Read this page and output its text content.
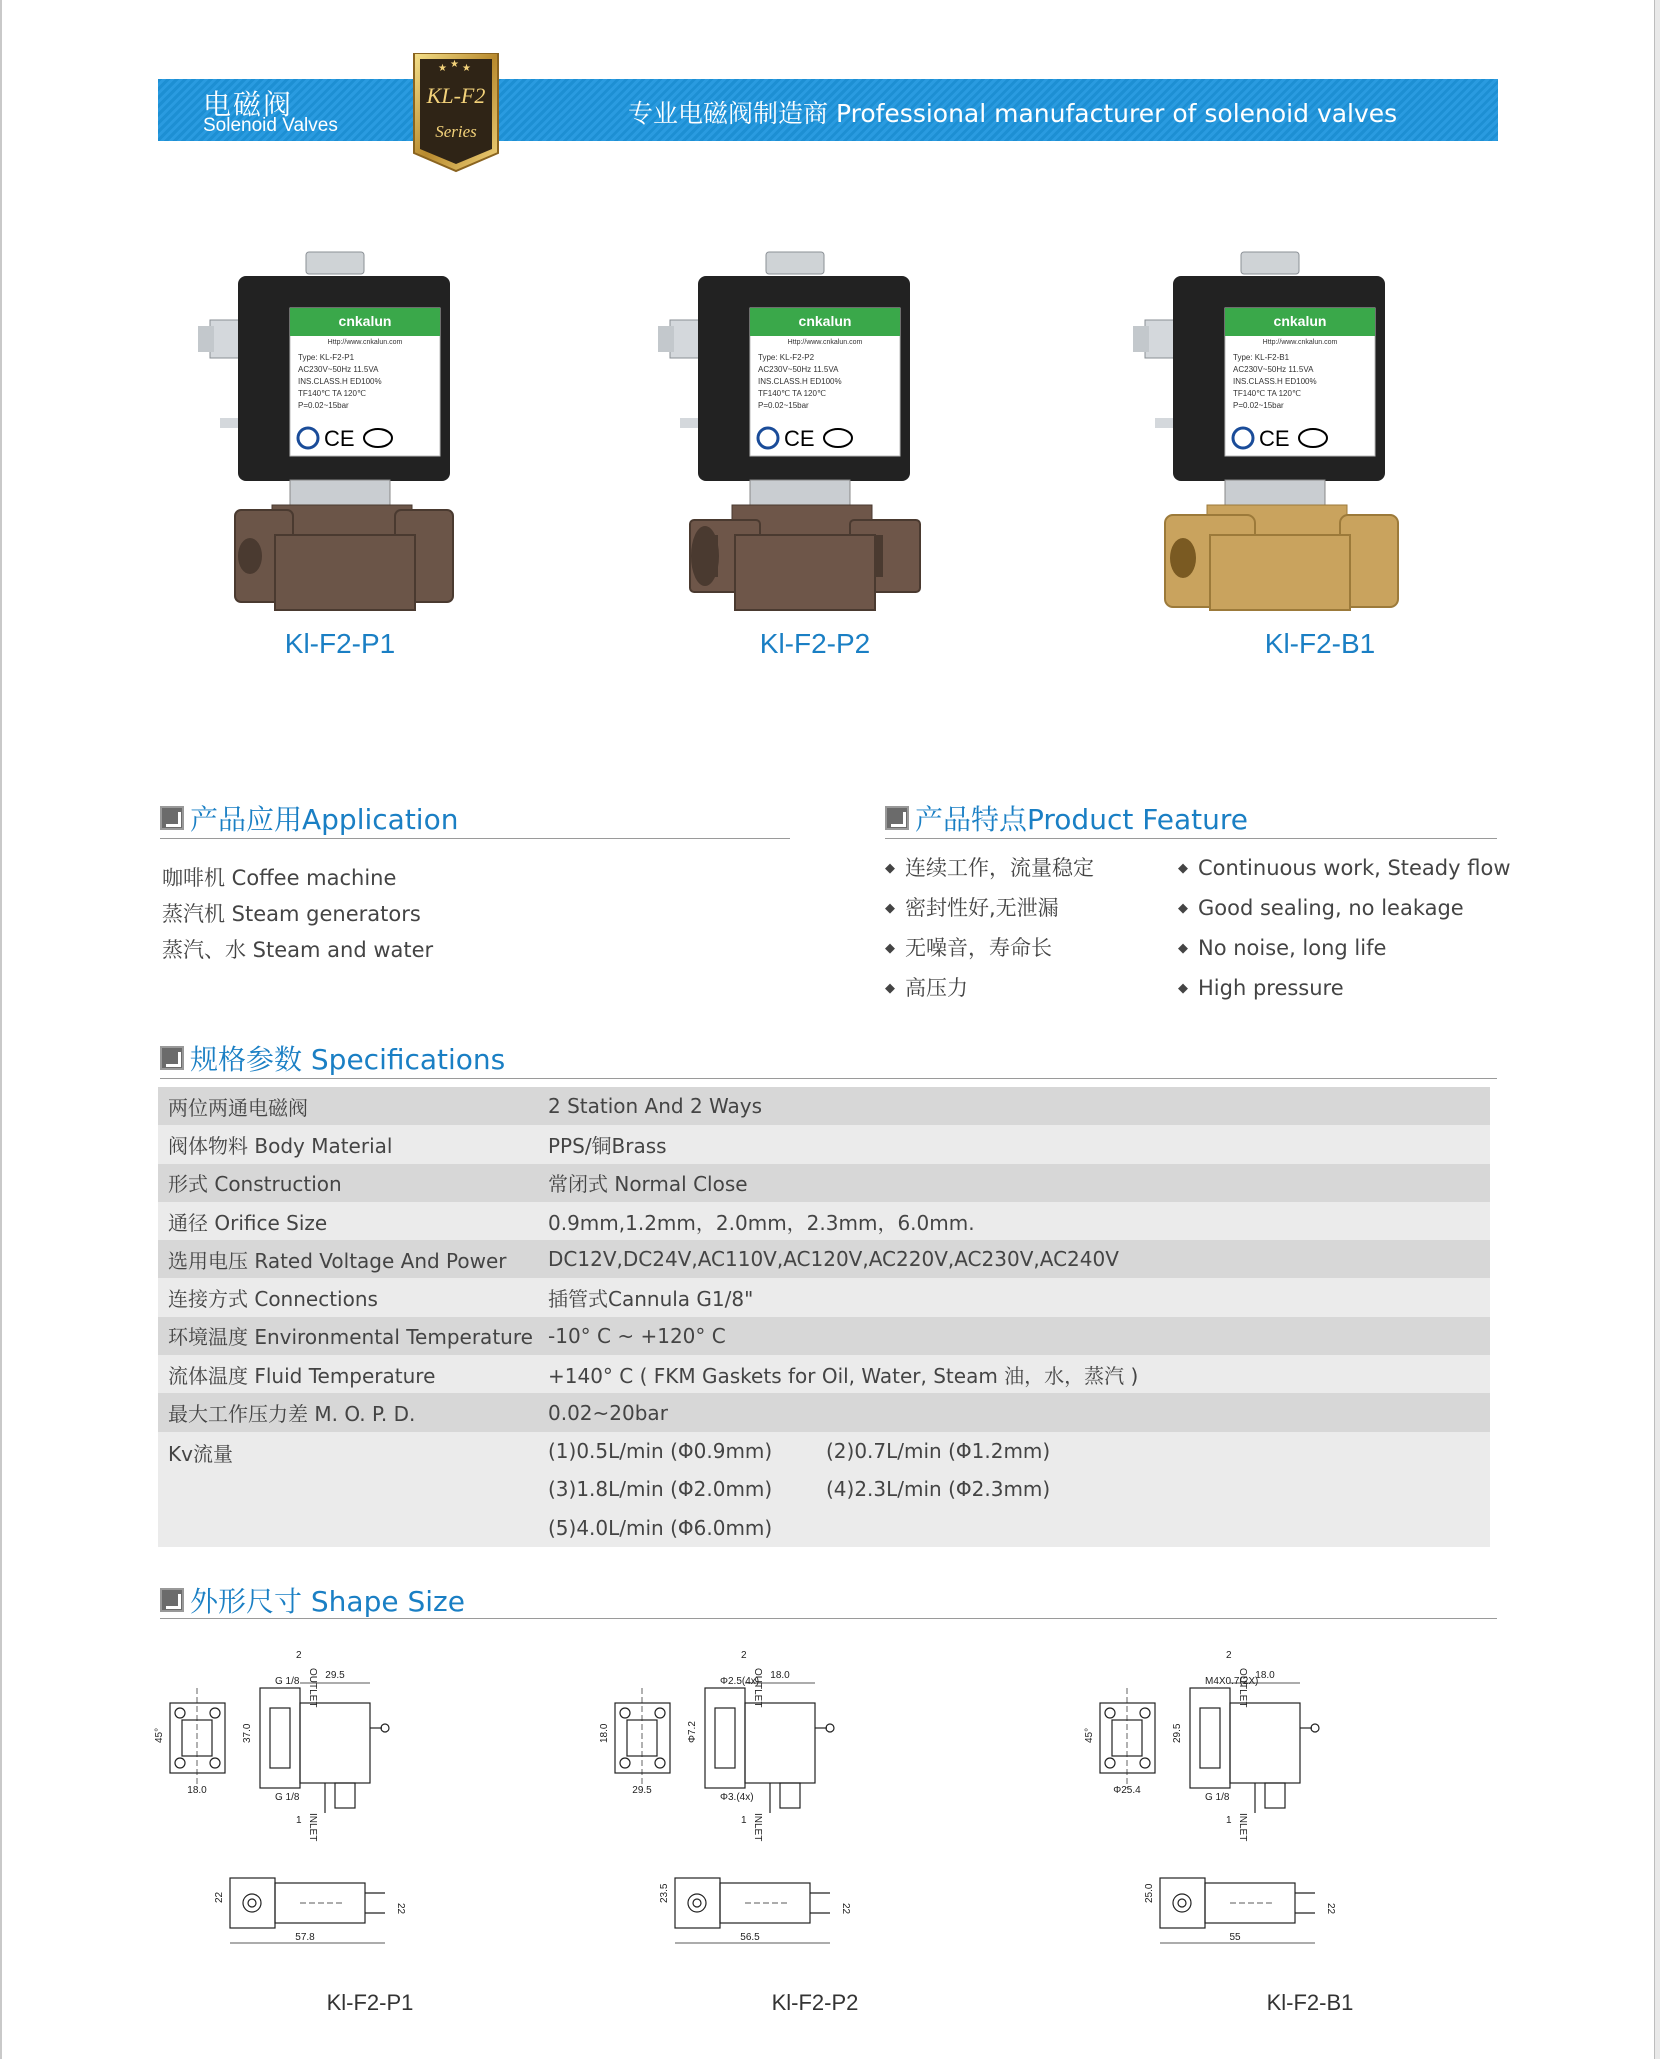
电磁阀
Solenoid Valves	专业电磁阀制造商 Professional manufacturer of solenoid valves
★ ★ ★
KL-F2
Series
cnkalun
Http://www.cnkalun.com
Type: KL-F2-P1
AC230V~50Hz 11.5VA
INS.CLASS.H ED100%
TF140℃ TA 120℃
P=0.02~15bar
CE
cnkalun
Http://www.cnkalun.com
Type: KL-F2-P2
AC230V~50Hz 11.5VA
INS.CLASS.H ED100%
TF140℃ TA 120℃
P=0.02~15bar
CE
cnkalun
Http://www.cnkalun.com
Type: KL-F2-B1
AC230V~50Hz 11.5VA
INS.CLASS.H ED100%
TF140℃ TA 120℃
P=0.02~15bar
CE
Kl-F2-P1	Kl-F2-P2	Kl-F2-B1
产品应用Application
咖啡机 Coffee machine
蒸汽机 Steam generators
蒸汽、水 Steam and water
产品特点Product Feature
◆ 连续工作，流量稳定
◆ 密封性好,无泄漏
◆ 无噪音，寿命长
◆ 高压力
◆ Continuous work, Steady flow
◆ Good sealing, no leakage
◆ No noise, long life
◆ High pressure
规格参数 Specifications
两位两通电磁阀	2 Station And 2 Ways
阀体物料 Body Material	PPS/铜Brass
形式 Construction	常闭式 Normal Close
通径 Orifice Size	0.9mm,1.2mm，2.0mm，2.3mm，6.0mm.
选用电压 Rated Voltage And Power	DC12V,DC24V,AC110V,AC120V,AC220V,AC230V,AC240V
连接方式 Connections	插管式Cannula G1/8"
环境温度 Environmental Temperature	-10° C ~ +120° C
流体温度 Fluid Temperature	+140° C ( FKM Gaskets for Oil, Water, Steam 油，水，蒸汽 )
最大工作压力差 M. O. P. D.	0.02~20bar
Kv流量	(1)0.5L/min (Φ0.9mm) (2)0.7L/min (Φ1.2mm)
(3)1.8L/min (Φ2.0mm) (4)2.3L/min (Φ2.3mm)
(5)4.0L/min (Φ6.0mm)
外形尺寸 Shape Size
18.0
45°
29.5
37.0
G 1/8
G 1/8
OUTLET
INLET
2
1
57.8
22
22
29.5
18.0
18.0
Φ7.2
Φ2.5(4x)
Φ3.(4x)
OUTLET
INLET
2
1
56.5
23.5
22
Φ25.4
45°
18.0
29.5
M4X0.7(2X)
G 1/8
OUTLET
INLET
2
1
55
25.0
22
Kl-F2-P1	Kl-F2-P2	Kl-F2-B1
